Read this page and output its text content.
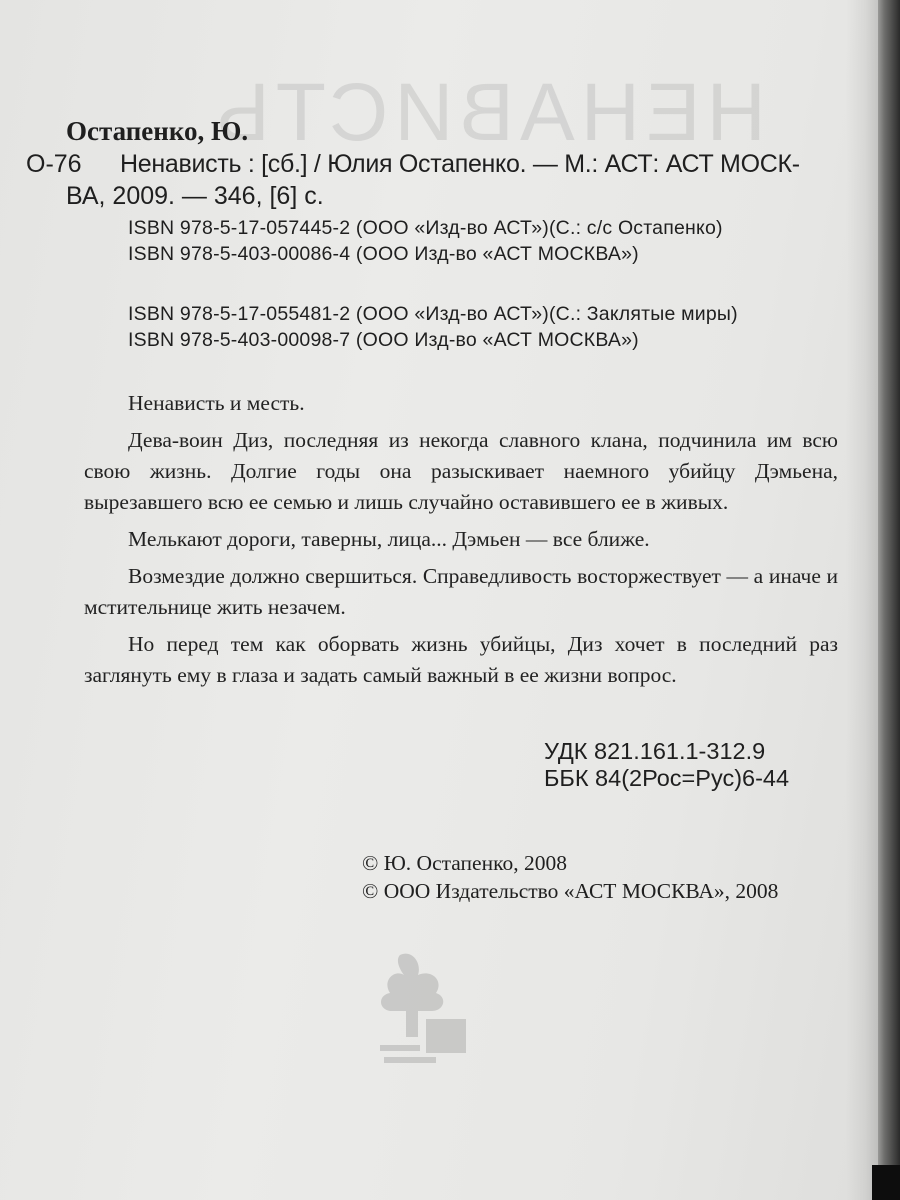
НЕНАВИСТЬ
Остапенко, Ю.
О-76 Ненависть : [сб.] / Юлия Остапенко. — М.: АСТ: АСТ МОСК-
ВА, 2009. — 346, [6] с.
ISBN 978-5-17-057445-2 (ООО «Изд-во АСТ»)(С.: с/с Остапенко)
ISBN 978-5-403-00086-4 (ООО Изд-во «АСТ МОСКВА»)
ISBN 978-5-17-055481-2 (ООО «Изд-во АСТ»)(С.: Заклятые миры)
ISBN 978-5-403-00098-7 (ООО Изд-во «АСТ МОСКВА»)

Ненависть и месть.

Дева-воин Диз, последняя из некогда славного клана, подчинила им всю свою жизнь. Долгие годы она разыскивает наемного убийцу Дэмьена, вырезавшего всю ее семью и лишь случайно оставившего ее в живых.

Мелькают дороги, таверны, лица... Дэмьен — все ближе.

Возмездие должно свершиться. Справедливость восторжествует — а иначе и мстительнице жить незачем.

Но перед тем как оборвать жизнь убийцы, Диз хочет в последний раз заглянуть ему в глаза и задать самый важный в ее жизни вопрос.

УДК 821.161.1-312.9
ББК 84(2Рос=Рус)6-44
© Ю. Остапенко, 2008
© ООО Издательство «АСТ МОСКВА», 2008
